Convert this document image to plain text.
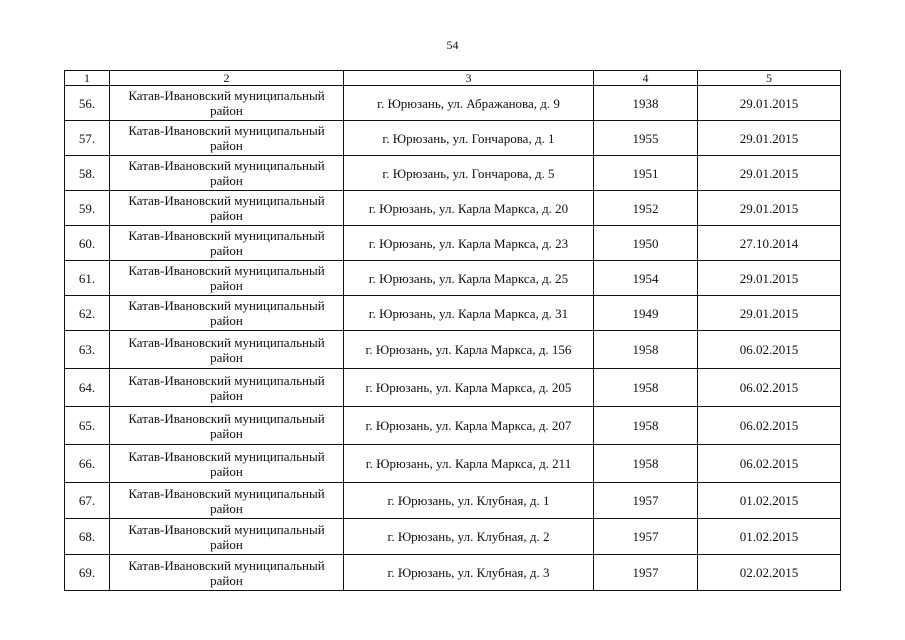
54
1	2	3	4	5
56.	Катав-Ивановский муниципальный район	г. Юрюзань, ул. Абражанова, д. 9	1938	29.01.2015
57.	Катав-Ивановский муниципальный район	г. Юрюзань, ул. Гончарова, д. 1	1955	29.01.2015
58.	Катав-Ивановский муниципальный район	г. Юрюзань, ул. Гончарова, д. 5	1951	29.01.2015
59.	Катав-Ивановский муниципальный район	г. Юрюзань, ул. Карла Маркса, д. 20	1952	29.01.2015
60.	Катав-Ивановский муниципальный район	г. Юрюзань, ул. Карла Маркса, д. 23	1950	27.10.2014
61.	Катав-Ивановский муниципальный район	г. Юрюзань, ул. Карла Маркса, д. 25	1954	29.01.2015
62.	Катав-Ивановский муниципальный район	г. Юрюзань, ул. Карла Маркса, д. 31	1949	29.01.2015
63.	Катав-Ивановский муниципальный район	г. Юрюзань, ул. Карла Маркса, д. 156	1958	06.02.2015
64.	Катав-Ивановский муниципальный район	г. Юрюзань, ул. Карла Маркса, д. 205	1958	06.02.2015
65.	Катав-Ивановский муниципальный район	г. Юрюзань, ул. Карла Маркса, д. 207	1958	06.02.2015
66.	Катав-Ивановский муниципальный район	г. Юрюзань, ул. Карла Маркса, д. 211	1958	06.02.2015
67.	Катав-Ивановский муниципальный район	г. Юрюзань, ул. Клубная, д. 1	1957	01.02.2015
68.	Катав-Ивановский муниципальный район	г. Юрюзань, ул. Клубная, д. 2	1957	01.02.2015
69.	Катав-Ивановский муниципальный район	г. Юрюзань, ул. Клубная, д. 3	1957	02.02.2015
